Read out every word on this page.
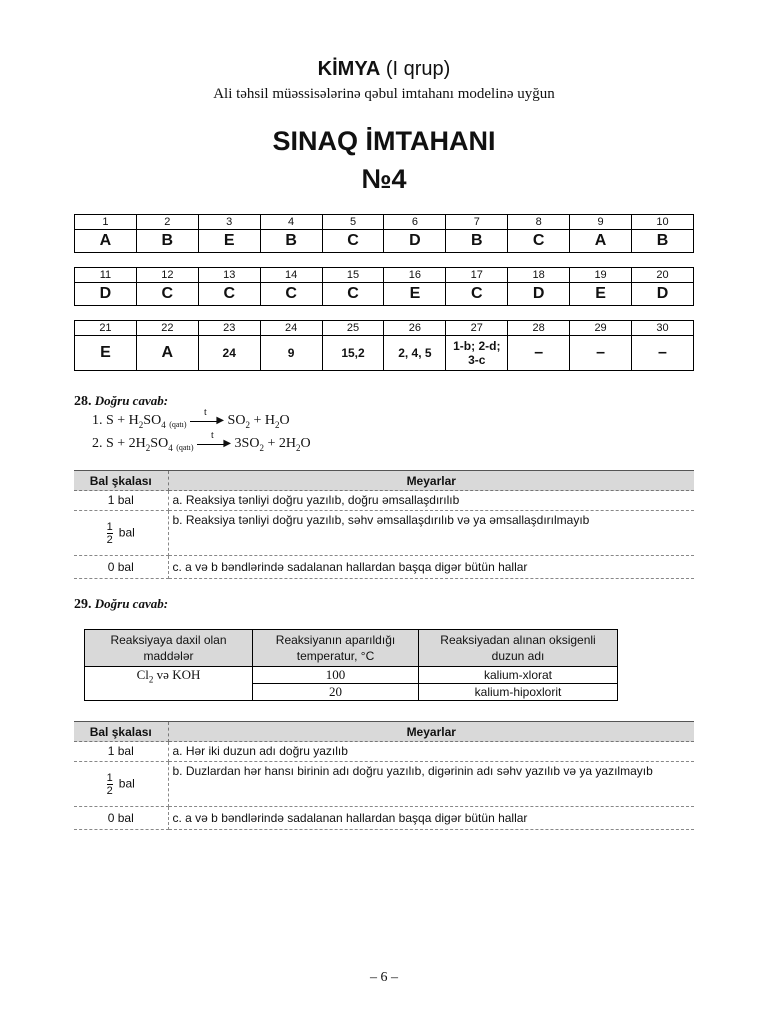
KİMYA (I qrup)
Ali təhsil müəssisələrinə qəbul imtahanı modelinə uyğun
SINAQ İMTAHANI
№4
1	2	3	4	5	6	7	8	9	10
A	B	E	B	C	D	B	C	A	B
11	12	13	14	15	16	17	18	19	20
D	C	C	C	C	E	C	D	E	D
21	22	23	24	25	26	27	28	29	30
E	A	24	9	15,2	2, 4, 5	1-b; 2-d; 3-c	–	–	–
28. Doğru cavab:
1. $S + H_2SO_4$ $_{(qatı)}$
t
▶ $SO_2 + H_2O$
2. $S + 2H_2SO_4$ $_{(qatı)}$
t
▶ $3SO_2 + 2H_2O$
Bal şkalası	Meyarlar
1 bal	a. Reaksiya tənliyi doğru yazılıb, doğru əmsallaşdırılıb

$\frac{1}{2}$ bal	b. Reaksiya tənliyi doğru yazılıb, səhv əmsallaşdırılıb və ya əmsallaşdırılmayıb
0 bal	c. a və b bəndlərində sadalanan hallardan başqa digər bütün hallar
29. Doğru cavab:
Reaksiyaya daxil olan maddələr	Reaksiyanın aparıldığı temperatur, °C	Reaksiyadan alınan oksigenli duzun adı
$Cl_2$ və KOH	100	kalium-xlorat
	20	kalium-hipoxlorit
Bal şkalası	Meyarlar
1 bal	a. Hər iki duzun adı doğru yazılıb

$\frac{1}{2}$ bal	b. Duzlardan hər hansı birinin adı doğru yazılıb, digərinin adı səhv yazılıb və ya yazılmayıb
0 bal	c. a və b bəndlərində sadalanan hallardan başqa digər bütün hallar
– 6 –
